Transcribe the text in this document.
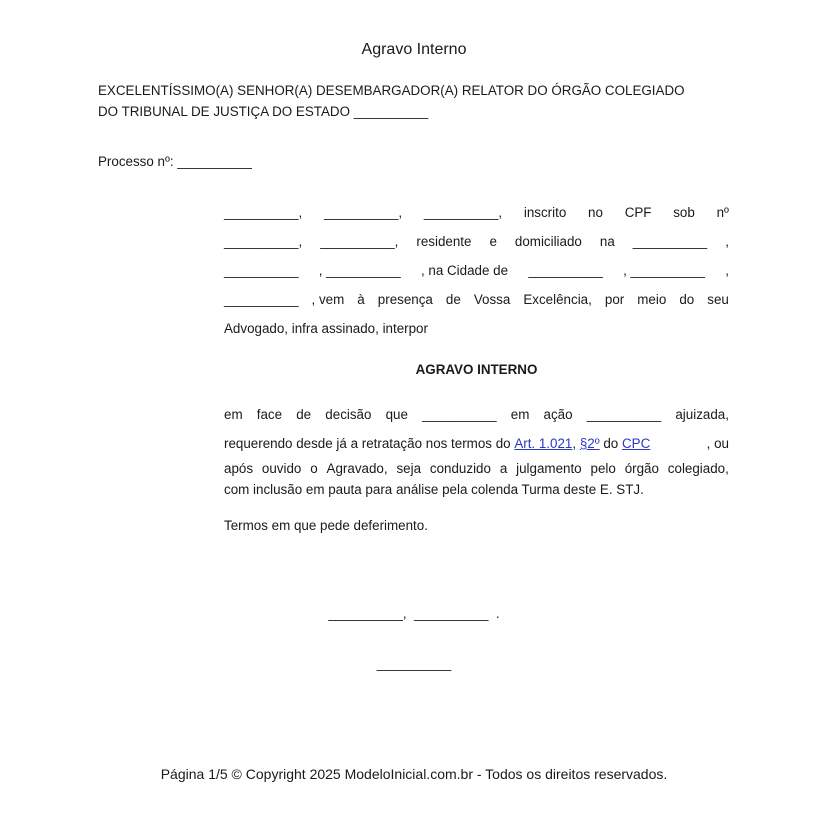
Agravo Interno
EXCELENTÍSSIMO(A) SENHOR(A) DESEMBARGADOR(A) RELATOR DO ÓRGÃO COLEGIADO
DO TRIBUNAL DE JUSTIÇA DO ESTADO __________
Processo nº: __________
__________, __________, __________, inscrito no CPF sob nº
__________, __________, residente e domiciliado na __________ ,
__________ , __________ , na Cidade de __________ , __________ ,
__________ , vem à presença de Vossa Excelência, por meio do seu
Advogado, infra assinado, interpor
AGRAVO INTERNO
em face de decisão que __________ em ação __________ ajuizada,
requerendo desde já a retratação nos termos do Art. 1.021 , §2º do CPC	, ou
após ouvido o Agravado, seja conduzido a julgamento pelo órgão colegiado,
com inclusão em pauta para análise pela colenda Turma deste E. STJ.
Termos em que pede deferimento.
__________,  __________  .
__________
Página 1/5 © Copyright 2025 ModeloInicial.com.br - Todos os direitos reservados.
